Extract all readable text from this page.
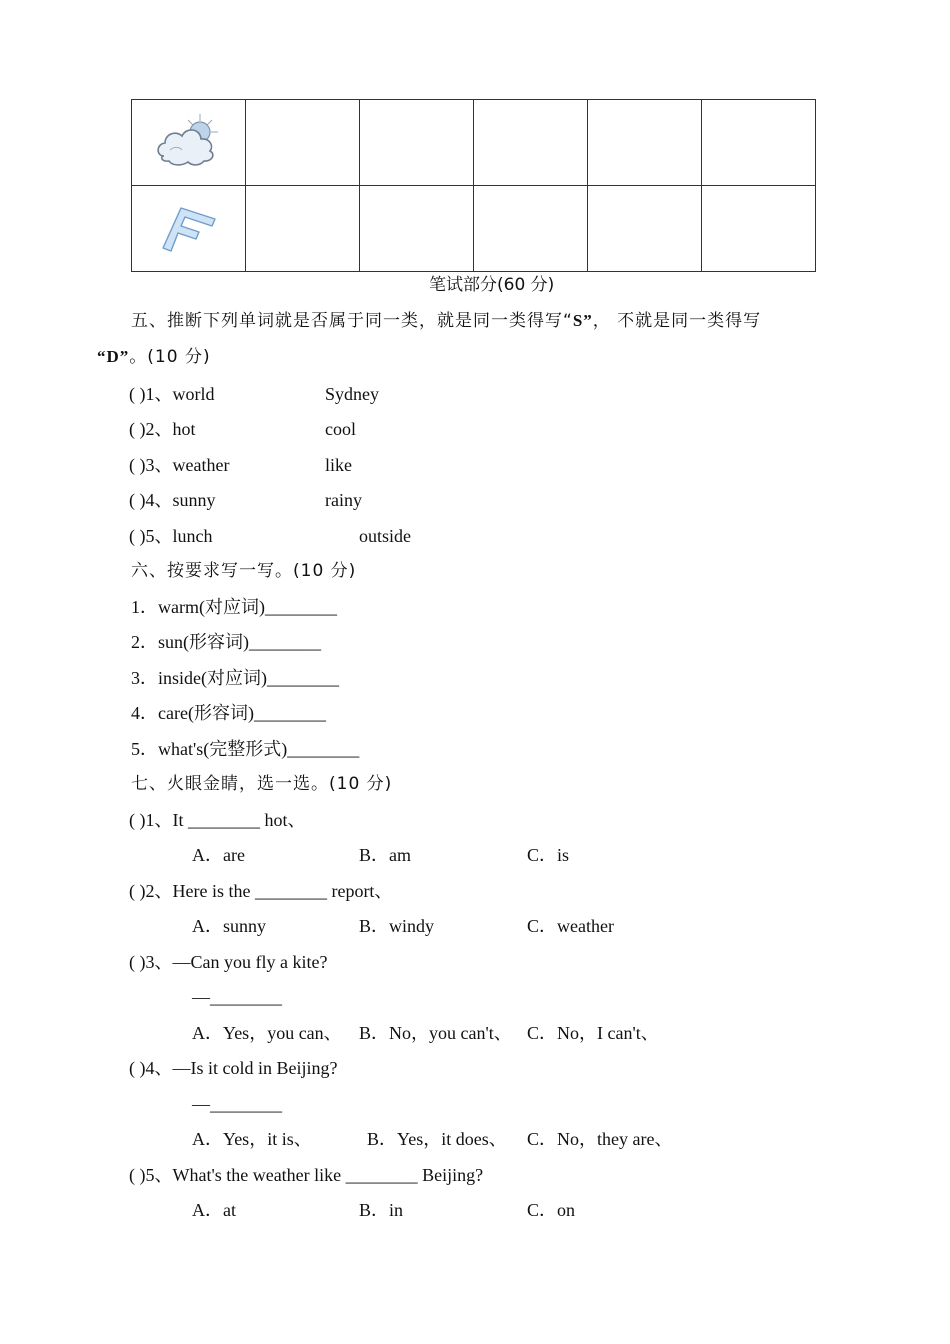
笔试部分(60 分)
五、推断下列单词就是否属于同一类，就是同一类得写“S”， 不就是同一类得写
“D”。(10 分)
( )1、world	Sydney
( )2、hot	cool
( )3、weather	like
( )4、sunny	rainy
( )5、lunch	outside
六、按要求写一写。(10 分)
1．warm(对应词)________
2．sun(形容词)________
3．inside(对应词)________
4．care(形容词)________
5．what's(完整形式)________
七、火眼金睛，选一选。(10 分)
( )1、It ________ hot、
A．are	B．am	C．is
( )2、Here is the ________ report、
A．sunny	B．windy	C．weather
( )3、—Can you fly a kite?
—________
A．Yes，you can、 B．No，you can't、 C．No，I can't、
( )4、—Is it cold in Beijing?
—________
A．Yes，it is、	B．Yes，it does、 C．No，they are、
( )5、What's the weather like ________ Beijing?
A．at	B．in	C．on
